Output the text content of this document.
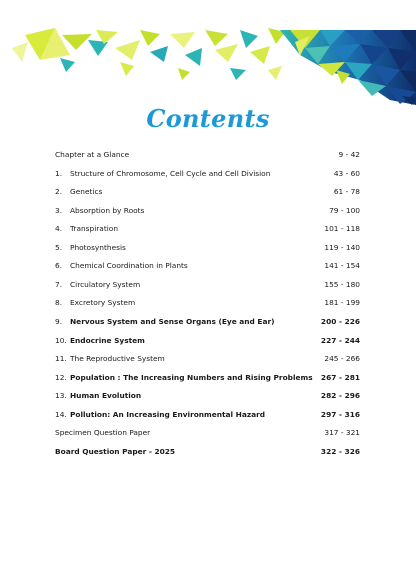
Contents
Chapter at a Glance	9 - 42
1.	Structure of Chromosome, Cell Cycle and Cell Division	43 - 60
2.	Genetics	61 - 78
3.	Absorption by Roots	79 - 100
4.	Transpiration	101 - 118
5.	Photosynthesis	119 - 140
6.	Chemical Coordination in Plants	141 - 154
7.	Circulatory System	155 - 180
8.	Excretory System	181 - 199
9.	Nervous System and Sense Organs (Eye and Ear)	200 - 226
10. Endocrine System	227 - 244
11. The Reproductive System	245 - 266
12. Population : The Increasing Numbers and Rising Problems	267 - 281
13. Human Evolution	282 - 296
14. Pollution: An Increasing Environmental Hazard	297 - 316
Specimen Question Paper	317 - 321
Board Question Paper - 2025	322 - 326
